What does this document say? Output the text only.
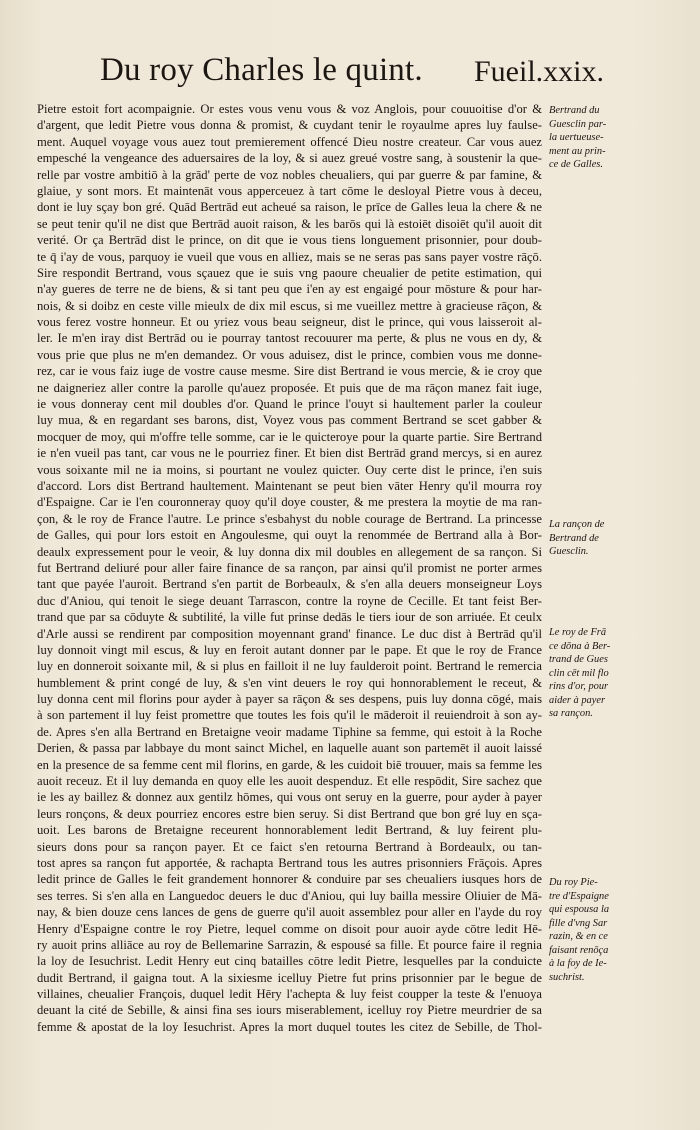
Du roy Charles le quint. Fueil.xxix.
Pietre estoit fort acompaignie. Or estes vous venu vous & voz Anglois, pour couuoitise d'or &
d'argent, que ledit Pietre vous donna & promist, & cuydant tenir le royaulme apres luy faulse-
ment. Auquel voyage vous auez tout premierement offencé Dieu nostre createur. Car vous auez
empesché la vengeance des aduersaires de la loy, & si auez greué vostre sang, à soustenir la que-
relle par vostre ambitiō à la grād' perte de voz nobles cheualiers, qui par guerre & par famine, &
glaiue, y sont mors. Et maintenāt vous apperceuez à tart cōme le desloyal Pietre vous à deceu,
dont ie luy sçay bon gré. Quād Bertrād eut acheué sa raison, le prīce de Galles leua la chere & ne
se peut tenir qu'il ne dist que Bertrād auoit raison, & les barōs qui là estoiēt disoiēt qu'il auoit dit
verité. Or ça Bertrād dist le prince, on dit que ie vous tiens longuement prisonnier, pour doub-
te q̄ i'ay de vous, parquoy ie vueil que vous en alliez, mais se ne seras pas sans payer vostre rāçō.
Sire respondit Bertrand, vous sçauez que ie suis vng paoure cheualier de petite estimation, qui
n'ay gueres de terre ne de biens, & si tant peu que i'en ay est engaigé pour mōsture & pour har-
nois, & si doibz en ceste ville mieulx de dix mil escus, si me vueillez mettre à gracieuse rāçon, &
vous ferez vostre honneur. Et ou yriez vous beau seigneur, dist le prince, qui vous laisseroit al-
ler. Ie m'en iray dist Bertrād ou ie pourray tantost recouurer ma perte, & plus ne vous en dy, &
vous prie que plus ne m'en demandez. Or vous aduisez, dist le prince, combien vous me donne-
rez, car ie vous faiz iuge de vostre cause mesme. Sire dist Bertrand ie vous mercie, & ie croy que
ne daigneriez aller contre la parolle qu'auez proposée. Et puis que de ma rāçon manez fait iuge,
ie vous donneray cent mil doubles d'or. Quand le prince l'ouyt si haultement parler la couleur
luy mua, & en regardant ses barons, dist, Voyez vous pas comment Bertrand se scet gabber &
mocquer de moy, qui m'offre telle somme, car ie le quicteroye pour la quarte partie. Sire Bertrand
ie n'en vueil pas tant, car vous ne le pourriez finer. Et bien dist Bertrād grand mercys, si en aurez
vous soixante mil ne ia moins, si pourtant ne voulez quicter. Ouy certe dist le prince, i'en suis
d'accord. Lors dist Bertrand haultement. Maintenant se peut bien vāter Henry qu'il mourra roy
d'Espaigne. Car ie l'en couronneray quoy qu'il doye couster, & me prestera la moytie de ma ran-
çon, & le roy de France l'autre. Le prince s'esbahyst du noble courage de Bertrand. La princesse
de Galles, qui pour lors estoit en Angoulesme, qui ouyt la renommée de Bertrand alla à Bor-
deaulx expressement pour le veoir, & luy donna dix mil doubles en allegement de sa rançon. Si
fut Bertrand deliuré pour aller faire finance de sa rançon, par ainsi qu'il promist ne porter armes
tant que payée l'auroit. Bertrand s'en partit de Borbeaulx, & s'en alla deuers monseigneur Loys
duc d'Aniou, qui tenoit le siege deuant Tarrascon, contre la royne de Cecille. Et tant feist Ber-
trand que par sa cōduyte & subtilité, la ville fut prinse dedās le tiers iour de son arriuée. Et ceulx
d'Arle aussi se rendirent par composition moyennant grand' finance. Le duc dist à Bertrād qu'il
luy donnoit vingt mil escus, & luy en feroit autant donner par le pape. Et que le roy de France
luy en donneroit soixante mil, & si plus en failloit il ne luy faulderoit point. Bertrand le remercia
humblement & print congé de luy, & s'en vint deuers le roy qui honnorablement le receut, &
luy donna cent mil florins pour ayder à payer sa rāçon & ses despens, puis luy donna cōgé, mais
à son partement il luy feist promettre que toutes les fois qu'il le māderoit il reuiendroit à son ay-
de. Apres s'en alla Bertrand en Bretaigne veoir madame Tiphine sa femme, qui estoit à la Roche
Derien, & passa par labbaye du mont sainct Michel, en laquelle auant son partemēt il auoit laissé
en la presence de sa femme cent mil florins, en garde, & les cuidoit biē trouuer, mais sa femme les
auoit receuz. Et il luy demanda en quoy elle les auoit despenduz. Et elle respōdit, Sire sachez que
ie les ay baillez & donnez aux gentilz hōmes, qui vous ont seruy en la guerre, pour ayder à payer
leurs ronçons, & deux pourriez encores estre bien seruy. Si dist Bertrand que bon gré luy en sça-
uoit. Les barons de Bretaigne receurent honnorablement ledit Bertrand, & luy feirent plu-
sieurs dons pour sa rançon payer. Et ce faict s'en retourna Bertrand à Bordeaulx, ou tan-
tost apres sa rançon fut apportée, & rachapta Bertrand tous les autres prisonniers Frāçois. Apres
ledit prince de Galles le feit grandement honnorer & conduire par ses cheualiers iusques hors de
ses terres. Si s'en alla en Languedoc deuers le duc d'Aniou, qui luy bailla messire Oliuier de Mā-
nay, & bien douze cens lances de gens de guerre qu'il auoit assemblez pour aller en l'ayde du roy
Henry d'Espaigne contre le roy Pietre, lequel comme on disoit pour auoir ayde cōtre ledit Hē-
ry auoit prins alliāce au roy de Bellemarine Sarrazin, & espousé sa fille. Et pource faire il regnia
la loy de Iesuchrist. Ledit Henry eut cinq batailles cōtre ledit Pietre, lesquelles par la conduicte
dudit Bertrand, il gaigna tout. A la sixiesme icelluy Pietre fut prins prisonnier par le begue de
villaines, cheualier François, duquel ledit Hēry l'achepta & luy feist coupper la teste & l'enuoya
deuant la cité de Sebille, & ainsi fina ses iours miserablement, icelluy roy Pietre meurdrier de sa
femme & apostat de la loy Iesuchrist. Apres la mort duquel toutes les citez de Sebille, de Thol-
Bertrand du
Guesclin par-
la uertueuse-
ment au prin-
ce de Galles.
La rançon de
Bertrand de
Guesclin.
Le roy de Frā
ce dōna à Ber-
trand de Gues
clin cēt mil flo
rins d'or, pour
aider à payer
sa rançon.
Du roy Pie-
tre d'Espaigne
qui espousa la
fille d'vng Sar
razin, & en ce
faisant renōça
à la foy de Ie-
suchrist.
